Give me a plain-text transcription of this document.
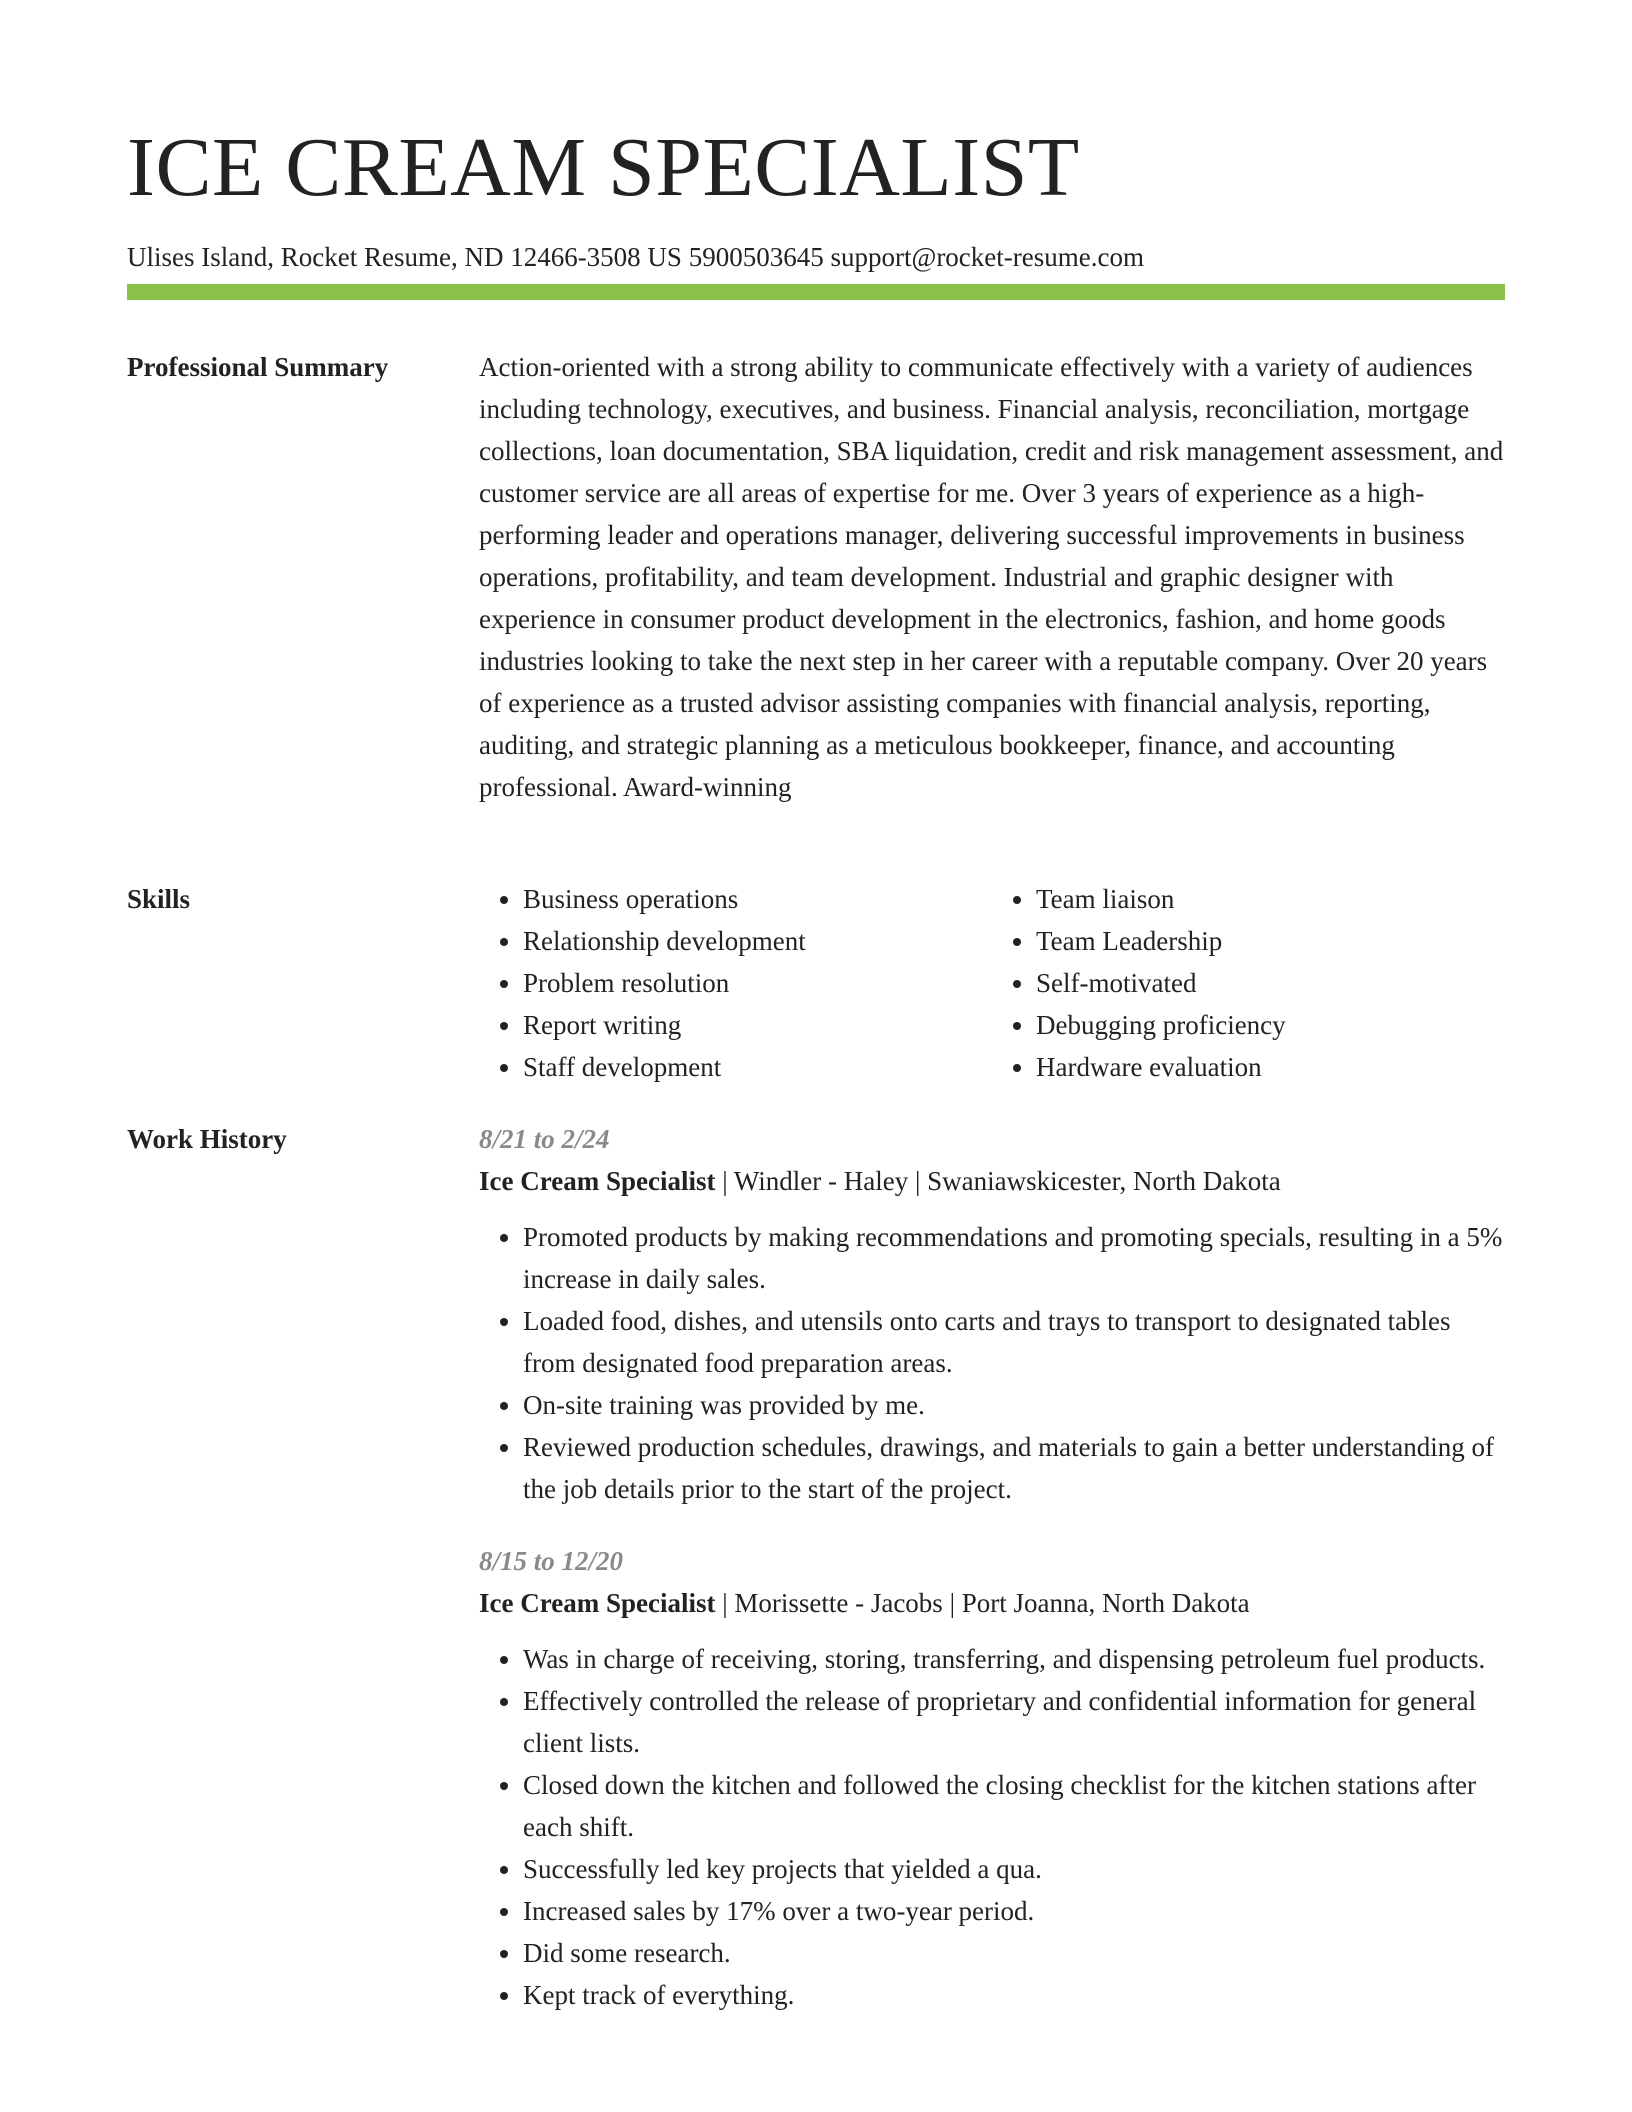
ICE CREAM SPECIALIST
Ulises Island, Rocket Resume, ND 12466-3508 US 5900503645 support@rocket-resume.com
Professional Summary	Action-oriented with a strong ability to communicate effectively with a variety of audiences including technology, executives, and business. Financial analysis, reconciliation, mortgage collections, loan documentation, SBA liquidation, credit and risk management assessment, and customer service are all areas of expertise for me. Over 3 years of experience as a high-performing leader and operations manager, delivering successful improvements in business operations, profitability, and team development. Industrial and graphic designer with experience in consumer product development in the electronics, fashion, and home goods industries looking to take the next step in her career with a reputable company. Over 20 years of experience as a trusted advisor assisting companies with financial analysis, reporting, auditing, and strategic planning as a meticulous bookkeeper, finance, and accounting professional. Award-winning

Skills
•	Business operations
• Relationship development
• Problem resolution
• Report writing
• Staff development
• Team liaison
• Team Leadership
• Self-motivated
• Debugging proficiency
• Hardware evaluation
Work History	8/21 to 2/24
Ice Cream Specialist | Windler - Haley | Swaniawskicester, North Dakota
• Promoted products by making recommendations and promoting specials, resulting in a 5% increase in daily sales.
• Loaded food, dishes, and utensils onto carts and trays to transport to designated tables from designated food preparation areas.
• On-site training was provided by me.
• Reviewed production schedules, drawings, and materials to gain a better understanding of the job details prior to the start of the project.
8/15 to 12/20
Ice Cream Specialist | Morissette - Jacobs | Port Joanna, North Dakota
• Was in charge of receiving, storing, transferring, and dispensing petroleum fuel products.
• Effectively controlled the release of proprietary and confidential information for general client lists.
• Closed down the kitchen and followed the closing checklist for the kitchen stations after each shift.
• Successfully led key projects that yielded a qua.
• Increased sales by 17% over a two-year period.
• Did some research.
• Kept track of everything.
